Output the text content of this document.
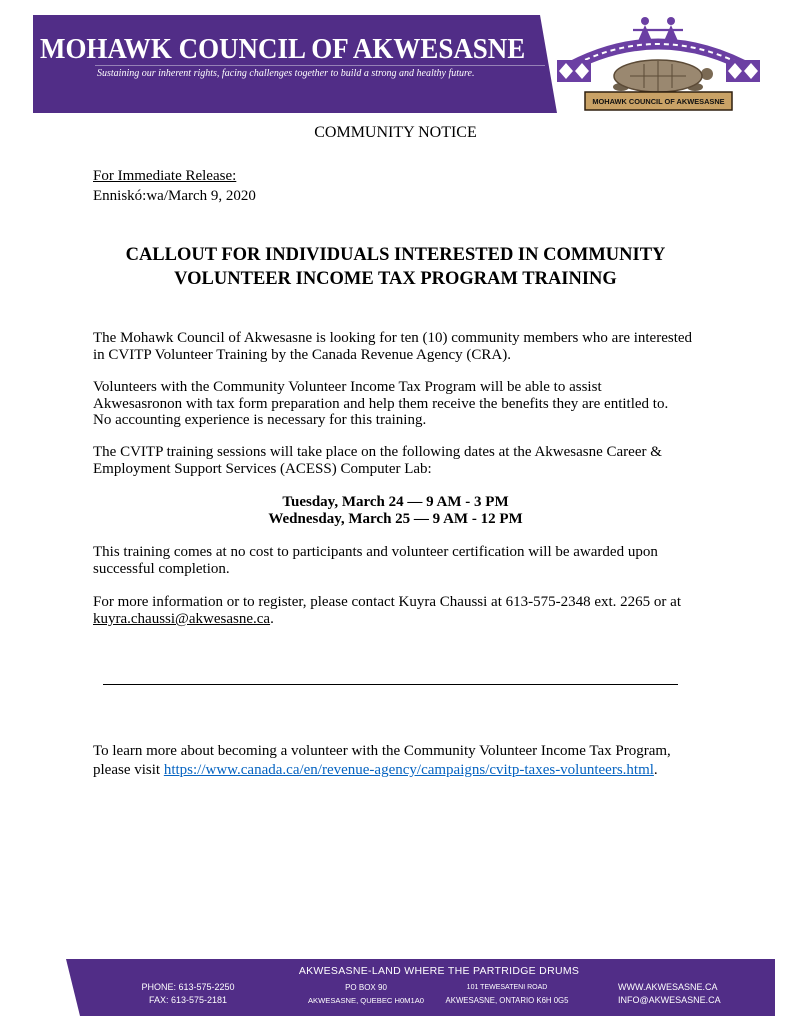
MOHAWK COUNCIL OF AKWESASNE
Sustaining our inherent rights, facing challenges together to build a strong and healthy future.
MOHAWK COUNCIL OF AKWESASNE
COMMUNITY NOTICE
For Immediate Release:
Enniskó:wa/March 9, 2020
CALLOUT FOR INDIVIDUALS INTERESTED IN COMMUNITY
VOLUNTEER INCOME TAX PROGRAM TRAINING
The Mohawk Council of Akwesasne is looking for ten (10) community members who are interested
in CVITP Volunteer Training by the Canada Revenue Agency (CRA).
Volunteers with the Community Volunteer Income Tax Program will be able to assist
Akwesasronon with tax form preparation and help them receive the benefits they are entitled to.
No accounting experience is necessary for this training.
The CVITP training sessions will take place on the following dates at the Akwesasne Career &
Employment Support Services (ACESS) Computer Lab:
Tuesday, March 24 — 9 AM - 3 PM
Wednesday, March 25 — 9 AM - 12 PM
This training comes at no cost to participants and volunteer certification will be awarded upon
successful completion.
For more information or to register, please contact Kuyra Chaussi at 613-575-2348 ext. 2265 or at
kuyra.chaussi@akwesasne.ca.
To learn more about becoming a volunteer with the Community Volunteer Income Tax Program,
please visit https://www.canada.ca/en/revenue-agency/campaigns/cvitp-taxes-volunteers.html.
AKWESASNE-LAND WHERE THE PARTRIDGE DRUMS
PHONE: 613-575-2250
FAX: 613-575-2181
PO BOX 90
AKWESASNE, QUEBEC H0M1A0
101 TEWESATENI ROAD
AKWESASNE, ONTARIO K6H 0G5
WWW.AKWESASNE.CA
INFO@AKWESASNE.CA
